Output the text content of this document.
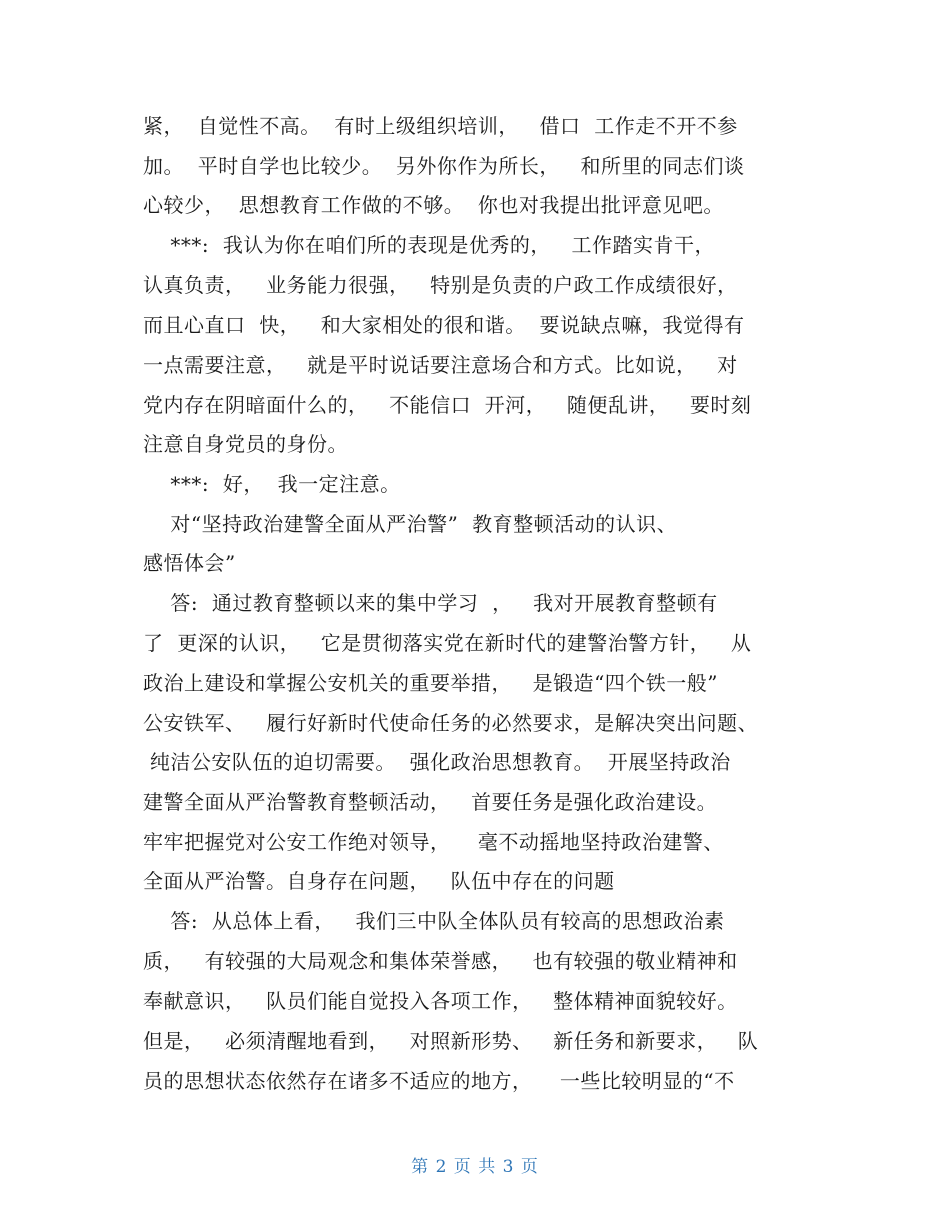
紧，  自觉性不高。  有时上级组织培训，   借口  工作走不开不参
加。  平时自学也比较少。  另外你作为所长，   和所里的同志们谈
心较少，  思想教育工作做的不够。  你也对我提出批评意见吧。
***:  我认为你在咱们所的表现是优秀的，   工作踏实肯干，
认真负责，   业务能力很强，   特别是负责的户政工作成绩很好，
而且心直口  快，   和大家相处的很和谐。  要说缺点嘛，我觉得有
一点需要注意，   就是平时说话要注意场合和方式。比如说，   对
党内存在阴暗面什么的，   不能信口  开河，   随便乱讲，   要时刻
注意自身党员的身份。
***:  好，  我一定注意。
对“坚持政治建警全面从严治警”  教育整顿活动的认识、
感悟体会”
答:  通过教育整顿以来的集中学习  ，   我对开展教育整顿有
了  更深的认识，   它是贯彻落实党在新时代的建警治警方针，   从
政治上建设和掌握公安机关的重要举措，   是锻造“四个铁一般”
公安铁军、   履行好新时代使命任务的必然要求，是解决突出问题、
纯洁公安队伍的迫切需要。  强化政治思想教育。  开展坚持政治
建警全面从严治警教育整顿活动，   首要任务是强化政治建设。
牢牢把握党对公安工作绝对领导，    毫不动摇地坚持政治建警、
全面从严治警。自身存在问题，   队伍中存在的问题
答:  从总体上看，   我们三中队全体队员有较高的思想政治素
质，   有较强的大局观念和集体荣誉感，   也有较强的敬业精神和
奉献意识，   队员们能自觉投入各项工作，   整体精神面貌较好。
但是，   必须清醒地看到，   对照新形势、   新任务和新要求，   队
员的思想状态依然存在诸多不适应的地方，    一些比较明显的“不
第 2 页 共 3 页
